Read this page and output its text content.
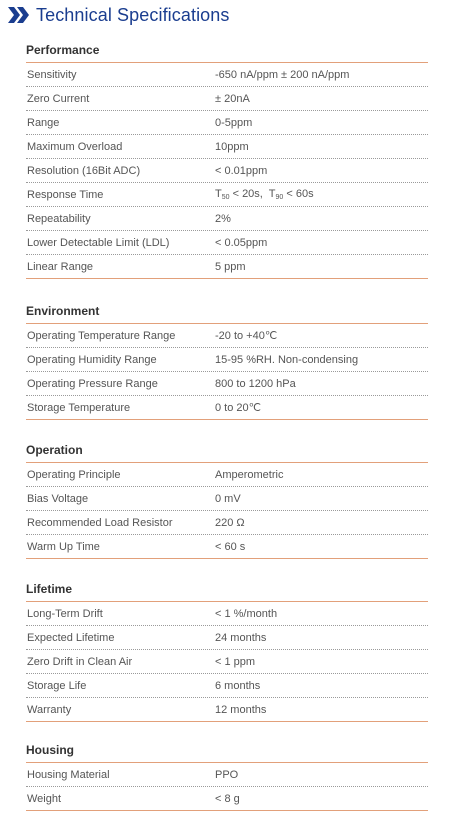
Technical Specifications
Performance
Sensitivity	-650 nA/ppm ± 200 nA/ppm
Zero Current	± 20nA
Range	0-5ppm
Maximum Overload	10ppm
Resolution (16Bit ADC)	< 0.01ppm
Response Time	$T_{50} < 20s$,  $T_{90} < 60s$
Repeatability	2%
Lower Detectable Limit (LDL)	< 0.05ppm
Linear Range	5 ppm
Environment
Operating Temperature Range	-20 to +40℃
Operating Humidity Range	15-95 %RH. Non-condensing
Operating Pressure Range	800 to 1200 hPa
Storage Temperature	0 to 20℃
Operation
Operating Principle	Amperometric
Bias Voltage	0 mV
Recommended Load Resistor	220 Ω
Warm Up Time	< 60 s
Lifetime
Long-Term Drift	< 1 %/month
Expected Lifetime	24 months
Zero Drift in Clean Air	< 1 ppm
Storage Life	6 months
Warranty	12 months
Housing
Housing Material	PPO
Weight	< 8 g
